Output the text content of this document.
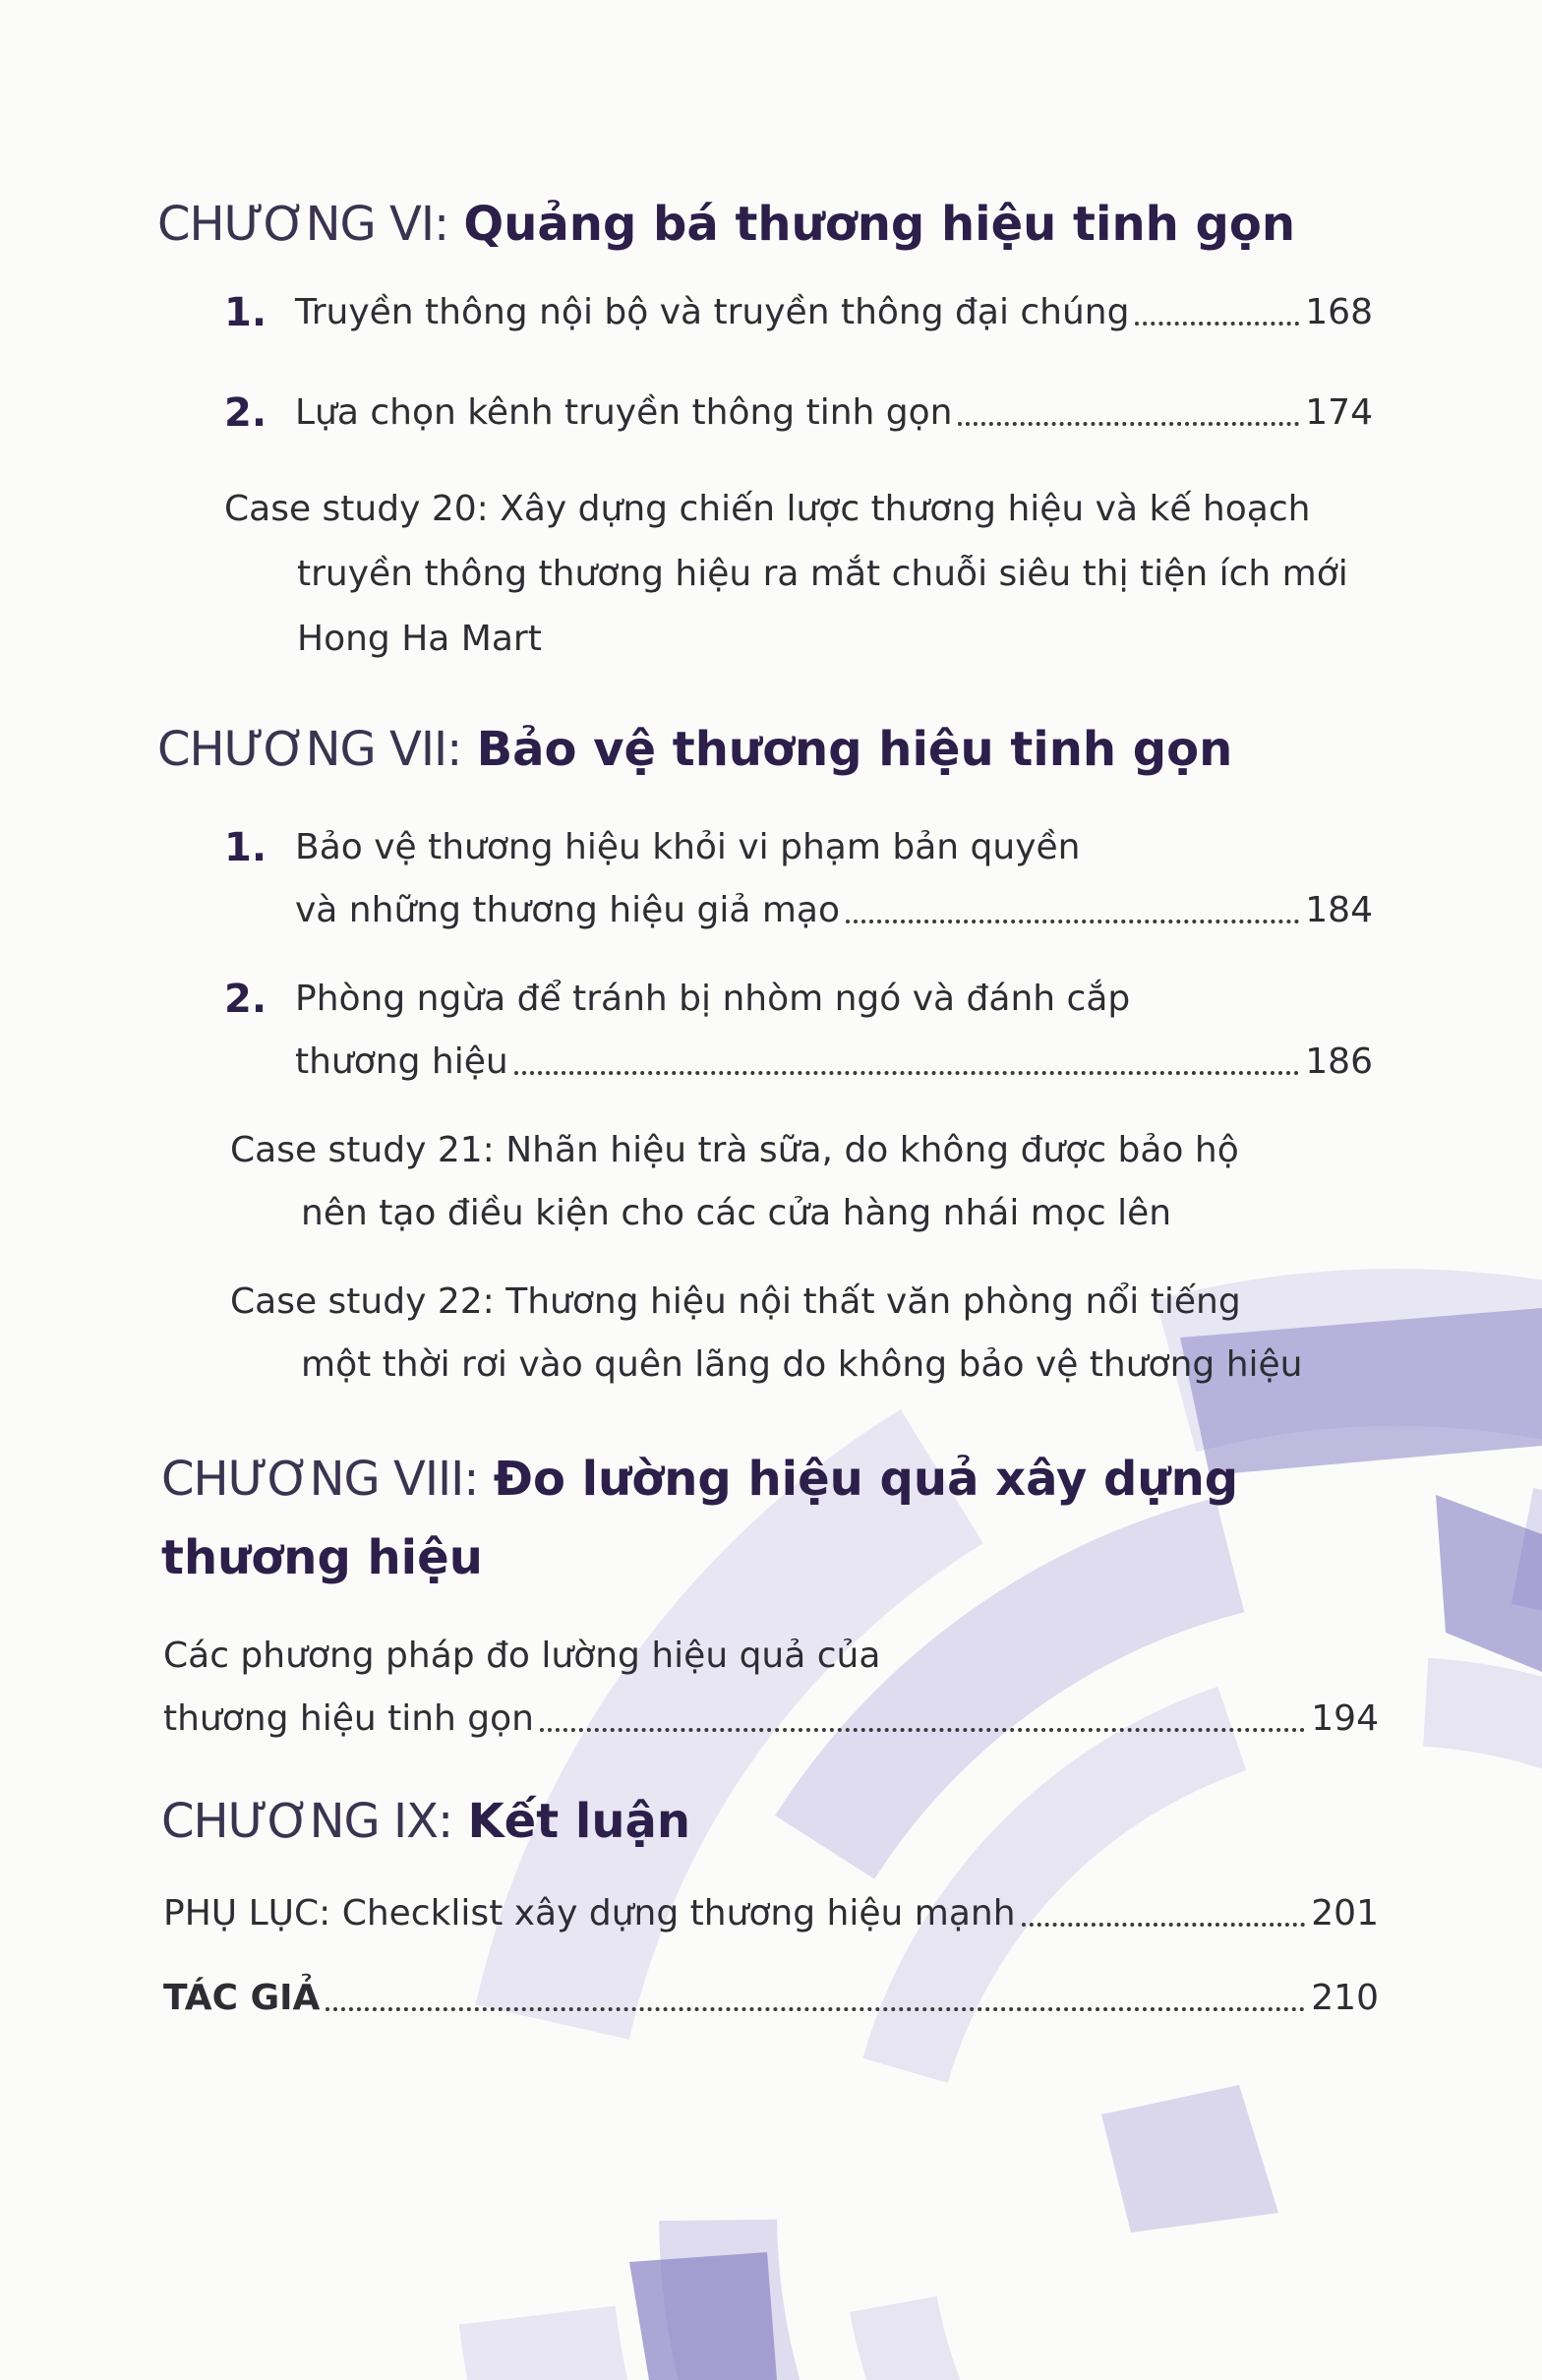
CHƯƠNG VI: Quảng bá thương hiệu tinh gọn
1. Truyền thông nội bộ và truyền thông đại chúng	168
2. Lựa chọn kênh truyền thông tinh gọn	174
Case study 20: Xây dựng chiến lược thương hiệu và kế hoạch
truyền thông thương hiệu ra mắt chuỗi siêu thị tiện ích mới
Hong Ha Mart
CHƯƠNG VII: Bảo vệ thương hiệu tinh gọn
1. Bảo vệ thương hiệu khỏi vi phạm bản quyền
và những thương hiệu giả mạo	184
2. Phòng ngừa để tránh bị nhòm ngó và đánh cắp
thương hiệu	186
Case study 21: Nhãn hiệu trà sữa, do không được bảo hộ
nên tạo điều kiện cho các cửa hàng nhái mọc lên
Case study 22: Thương hiệu nội thất văn phòng nổi tiếng
một thời rơi vào quên lãng do không bảo vệ thương hiệu
CHƯƠNG VIII: Đo lường hiệu quả xây dựng
thương hiệu
Các phương pháp đo lường hiệu quả của
thương hiệu tinh gọn	194
CHƯƠNG IX: Kết luận
PHỤ LỤC: Checklist xây dựng thương hiệu mạnh	201
TÁC GIẢ	210
